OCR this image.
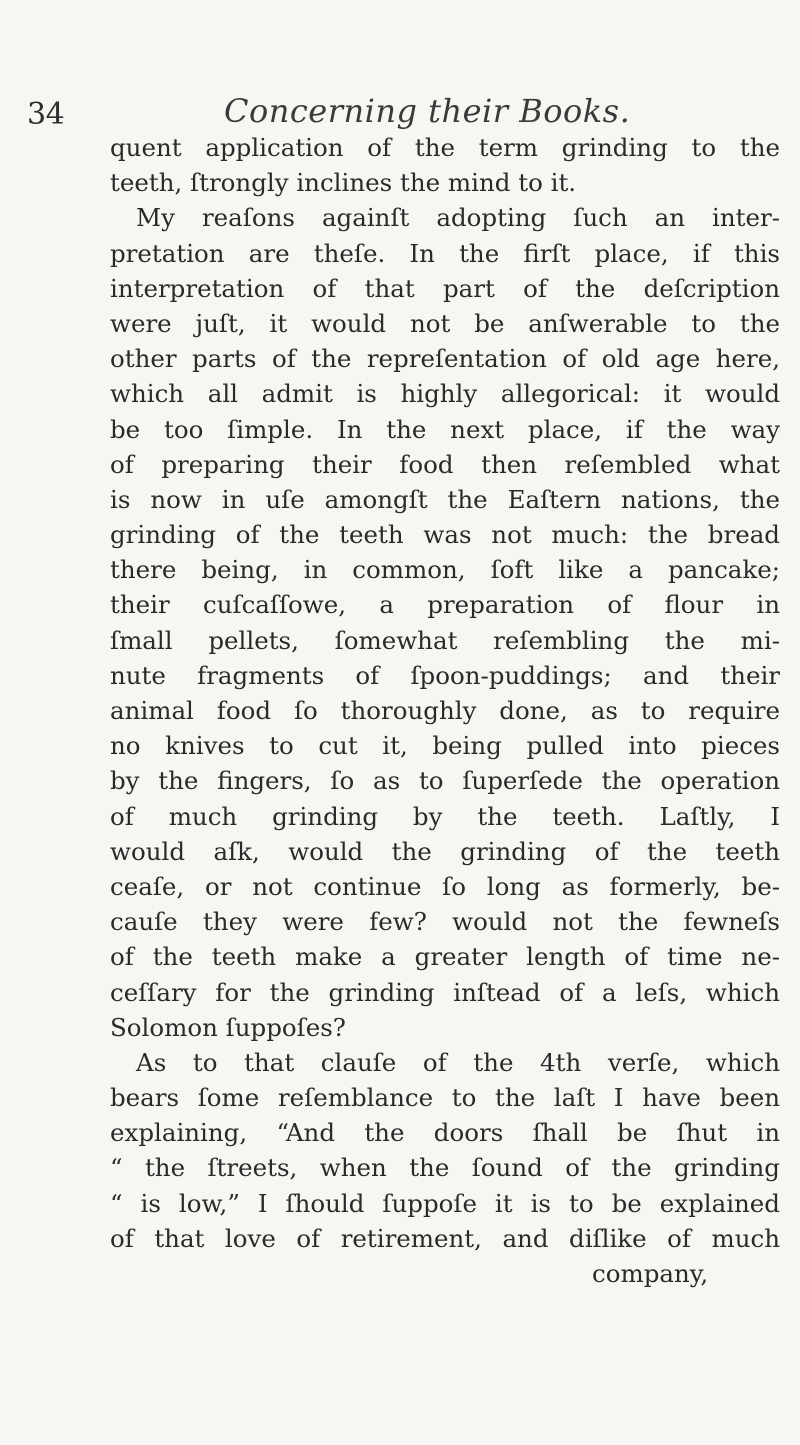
34	Concerning their Books.
quent application of the term grinding to the
teeth, ſtrongly inclines the mind to it.
My reaſons againſt adopting ſuch an inter-
pretation are theſe. In the firſt place, if this
interpretation of that part of the deſcription
were juſt, it would not be anſwerable to the
other parts of the repreſentation of old age here,
which all admit is highly allegorical: it would
be too ſimple. In the next place, if the way
of preparing their food then reſembled what
is now in uſe amongſt the Eaſtern nations, the
grinding of the teeth was not much: the bread
there being, in common, ſoft like a pancake;
their cuſcaſſowe, a preparation of flour in
ſmall pellets, ſomewhat reſembling the mi-
nute fragments of ſpoon-puddings; and their
animal food ſo thoroughly done, as to require
no knives to cut it, being pulled into pieces
by the fingers, ſo as to ſuperſede the operation
of much grinding by the teeth. Laſtly, I
would aſk, would the grinding of the teeth
ceaſe, or not continue ſo long as formerly, be-
cauſe they were few? would not the fewneſs
of the teeth make a greater length of time ne-
ceſſary for the grinding inſtead of a leſs, which
Solomon ſuppoſes?
As to that clauſe of the 4th verſe, which
bears ſome reſemblance to the laſt I have been
explaining, “And the doors ſhall be ſhut in
“ the ſtreets, when the ſound of the grinding
“ is low,” I ſhould ſuppoſe it is to be explained
of that love of retirement, and diſlike of much
company,
